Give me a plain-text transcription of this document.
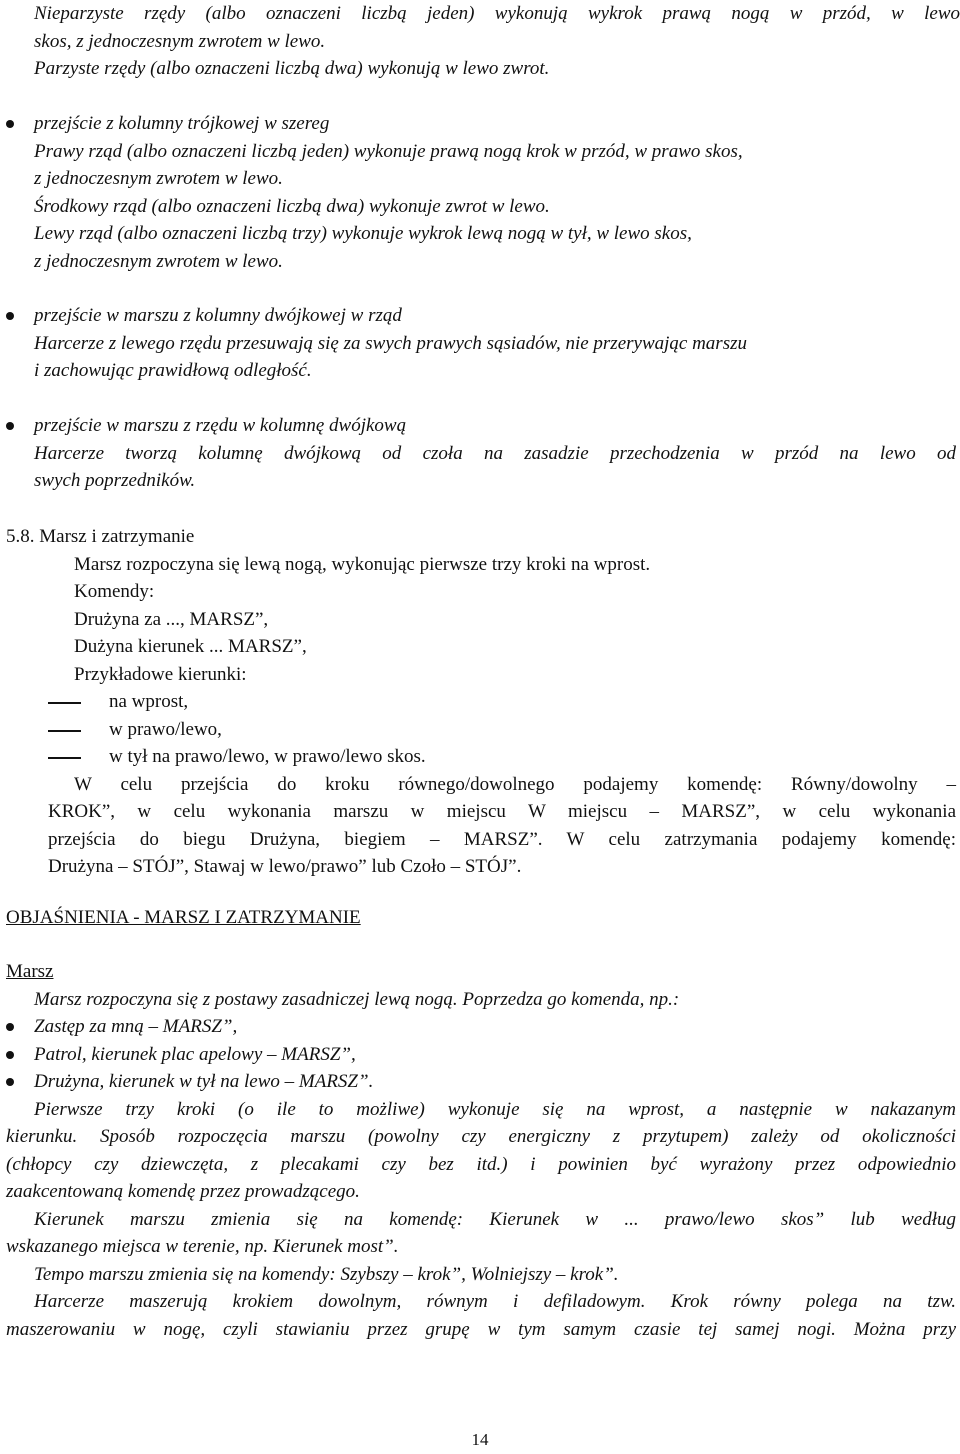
Nieparzyste rzędy (albo oznaczeni liczbą jeden) wykonują wykrok prawą nogą w przód, w lewo
skos, z jednoczesnym zwrotem w lewo.
Parzyste rzędy (albo oznaczeni liczbą dwa) wykonują w lewo zwrot.
przejście z kolumny trójkowej w szereg
Prawy rząd (albo oznaczeni liczbą jeden) wykonuje prawą nogą krok w przód, w prawo skos,
z jednoczesnym zwrotem w lewo.
Środkowy rząd (albo oznaczeni liczbą dwa) wykonuje zwrot w lewo.
Lewy rząd (albo oznaczeni liczbą trzy) wykonuje wykrok lewą nogą w tył, w lewo skos,
z jednoczesnym zwrotem w lewo.
przejście w marszu z kolumny dwójkowej w rząd
Harcerze z lewego rzędu przesuwają się za swych prawych sąsiadów, nie przerywając marszu
i zachowując prawidłową odległość.
przejście w marszu z rzędu w kolumnę dwójkową
Harcerze tworzą kolumnę dwójkową od czoła na zasadzie przechodzenia w przód na lewo od
swych poprzedników.
5.8. Marsz i zatrzymanie
Marsz rozpoczyna się lewą nogą, wykonując pierwsze trzy kroki na wprost.
Komendy:
Drużyna za ..., MARSZ”,
Dużyna kierunek ... MARSZ”,
Przykładowe kierunki:
na wprost,
w prawo/lewo,
w tył na prawo/lewo, w prawo/lewo skos.
W celu przejścia do kroku równego/dowolnego podajemy komendę: Równy/dowolny –
KROK”, w celu wykonania marszu w miejscu W miejscu – MARSZ”, w celu wykonania
przejścia do biegu Drużyna, biegiem – MARSZ”. W celu zatrzymania podajemy komendę:
Drużyna – STÓJ”, Stawaj w lewo/prawo” lub Czoło – STÓJ”.
OBJAŚNIENIA - MARSZ I ZATRZYMANIE
Marsz
Marsz rozpoczyna się z postawy zasadniczej lewą nogą. Poprzedza go komenda, np.:
Zastęp za mną – MARSZ”,
Patrol, kierunek plac apelowy – MARSZ”,
Drużyna, kierunek w tył na lewo – MARSZ”.
Pierwsze trzy kroki (o ile to możliwe) wykonuje się na wprost, a następnie w nakazanym
kierunku. Sposób rozpoczęcia marszu (powolny czy energiczny z przytupem) zależy od okoliczności
(chłopcy czy dziewczęta, z plecakami czy bez itd.) i powinien być wyrażony przez odpowiednio
zaakcentowaną komendę przez prowadzącego.
Kierunek marszu zmienia się na komendę: Kierunek w ... prawo/lewo skos” lub według
wskazanego miejsca w terenie, np. Kierunek most”.
Tempo marszu zmienia się na komendy: Szybszy – krok”, Wolniejszy – krok”.
Harcerze maszerują krokiem dowolnym, równym i defiladowym. Krok równy polega na tzw.
maszerowaniu w nogę, czyli stawianiu przez grupę w tym samym czasie tej samej nogi. Można przy
14
